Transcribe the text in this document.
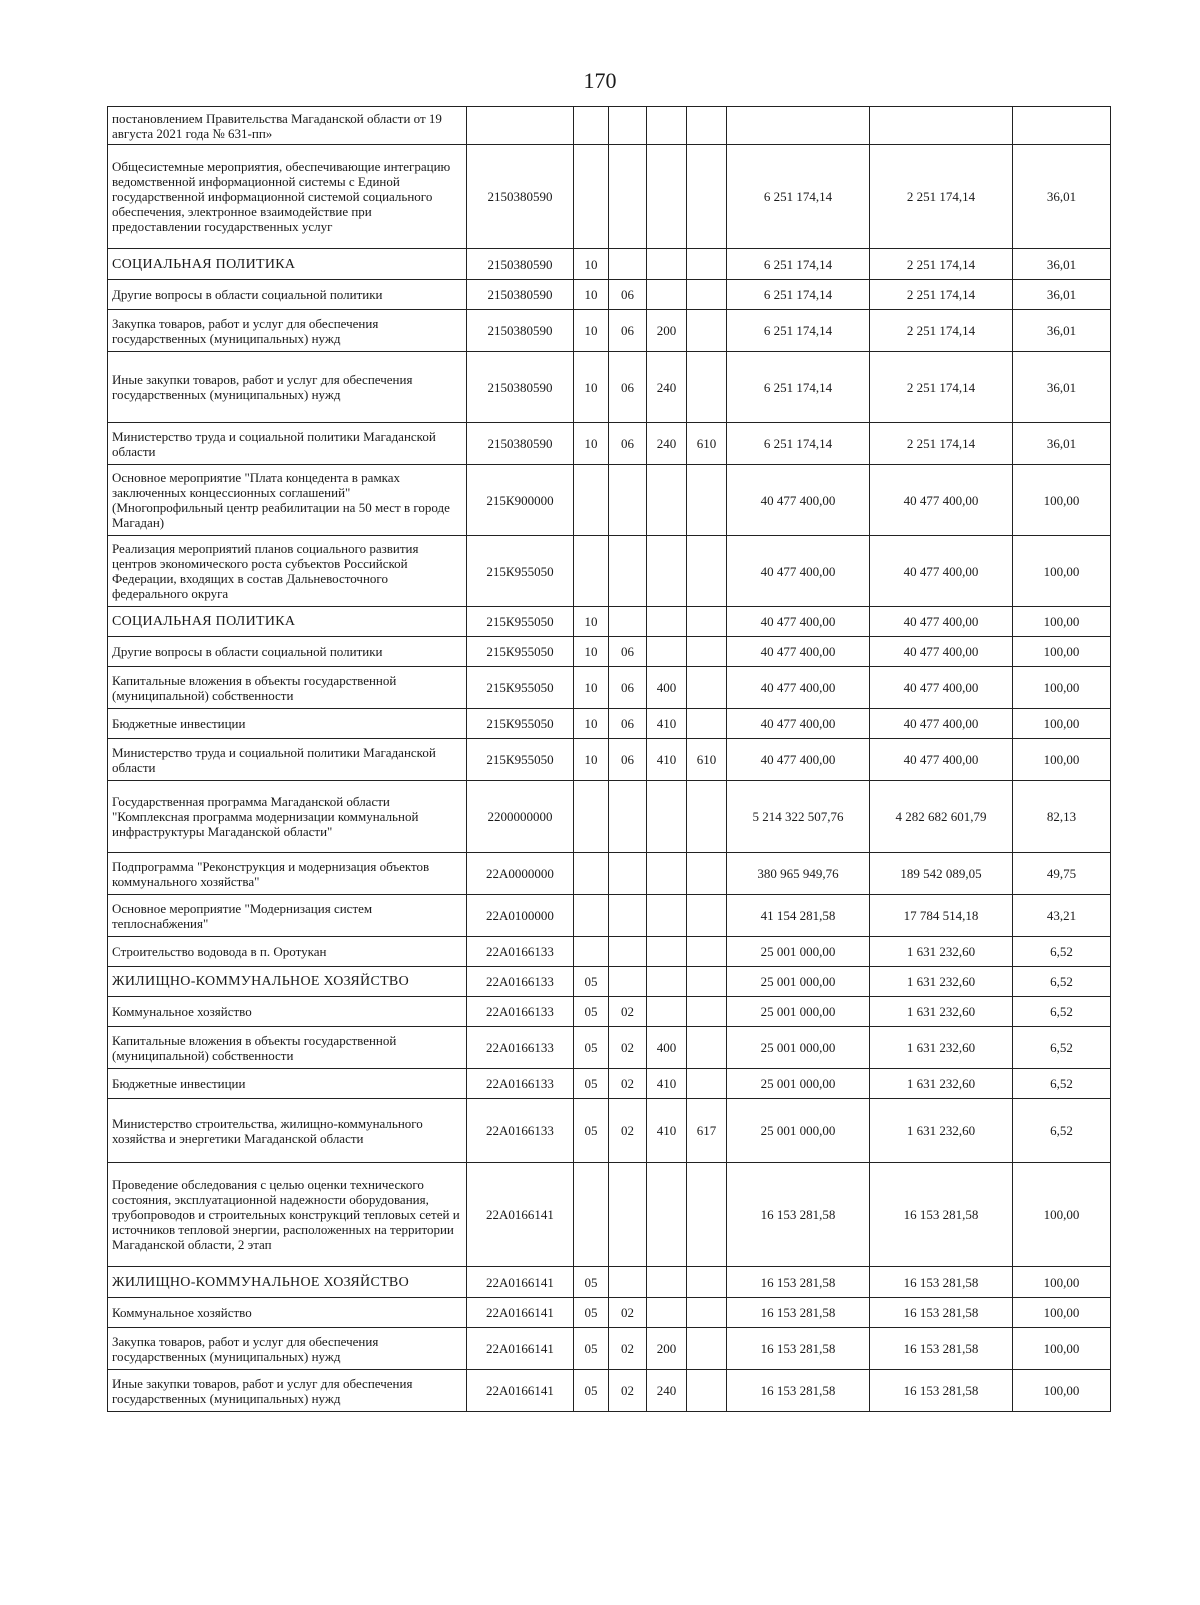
170
постановлением Правительства Магаданской области от 19 августа 2021 года № 631-пп»								
Общесистемные мероприятия, обеспечивающие интеграцию ведомственной информационной системы с Единой государственной информационной системой социального обеспечения, электронное взаимодействие при предоставлении государственных услуг	2150380590					6 251 174,14	2 251 174,14	36,01
СОЦИАЛЬНАЯ ПОЛИТИКА	2150380590	10				6 251 174,14	2 251 174,14	36,01
Другие вопросы в области социальной политики	2150380590	10	06			6 251 174,14	2 251 174,14	36,01
Закупка товаров, работ и услуг для обеспечения государственных (муниципальных) нужд	2150380590	10	06	200		6 251 174,14	2 251 174,14	36,01
Иные закупки товаров, работ и услуг для обеспечения государственных (муниципальных) нужд	2150380590	10	06	240		6 251 174,14	2 251 174,14	36,01
Министерство труда и социальной политики Магаданской области	2150380590	10	06	240	610	6 251 174,14	2 251 174,14	36,01
Основное мероприятие "Плата концедента в рамках заключенных концессионных соглашений" (Многопрофильный центр реабилитации на 50 мест в городе Магадан)	215К900000					40 477 400,00	40 477 400,00	100,00
Реализация мероприятий планов социального развития центров экономического роста субъектов Российской Федерации, входящих в состав Дальневосточного федерального округа	215К955050					40 477 400,00	40 477 400,00	100,00
СОЦИАЛЬНАЯ ПОЛИТИКА	215К955050	10				40 477 400,00	40 477 400,00	100,00
Другие вопросы в области социальной политики	215К955050	10	06			40 477 400,00	40 477 400,00	100,00
Капитальные вложения в объекты государственной (муниципальной) собственности	215К955050	10	06	400		40 477 400,00	40 477 400,00	100,00
Бюджетные инвестиции	215К955050	10	06	410		40 477 400,00	40 477 400,00	100,00
Министерство труда и социальной политики Магаданской области	215К955050	10	06	410	610	40 477 400,00	40 477 400,00	100,00
Государственная программа Магаданской области "Комплексная программа модернизации коммунальной инфраструктуры Магаданской области"	2200000000					5 214 322 507,76	4 282 682 601,79	82,13
Подпрограмма "Реконструкция и модернизация объектов коммунального хозяйства"	22А0000000					380 965 949,76	189 542 089,05	49,75
Основное мероприятие "Модернизация систем теплоснабжения"	22А0100000					41 154 281,58	17 784 514,18	43,21
Строительство водовода в п. Оротукан	22А0166133					25 001 000,00	1 631 232,60	6,52
ЖИЛИЩНО-КОММУНАЛЬНОЕ ХОЗЯЙСТВО	22А0166133	05				25 001 000,00	1 631 232,60	6,52
Коммунальное хозяйство	22А0166133	05	02			25 001 000,00	1 631 232,60	6,52
Капитальные вложения в объекты государственной (муниципальной) собственности	22А0166133	05	02	400		25 001 000,00	1 631 232,60	6,52
Бюджетные инвестиции	22А0166133	05	02	410		25 001 000,00	1 631 232,60	6,52
Министерство строительства, жилищно-коммунального хозяйства и энергетики Магаданской области	22А0166133	05	02	410	617	25 001 000,00	1 631 232,60	6,52
Проведение обследования с целью оценки технического состояния, эксплуатационной надежности оборудования, трубопроводов и строительных конструкций тепловых сетей и источников тепловой энергии, расположенных на территории Магаданской области, 2 этап	22А0166141					16 153 281,58	16 153 281,58	100,00
ЖИЛИЩНО-КОММУНАЛЬНОЕ ХОЗЯЙСТВО	22А0166141	05				16 153 281,58	16 153 281,58	100,00
Коммунальное хозяйство	22А0166141	05	02			16 153 281,58	16 153 281,58	100,00
Закупка товаров, работ и услуг для обеспечения государственных (муниципальных) нужд	22А0166141	05	02	200		16 153 281,58	16 153 281,58	100,00
Иные закупки товаров, работ и услуг для обеспечения государственных (муниципальных) нужд	22А0166141	05	02	240		16 153 281,58	16 153 281,58	100,00
